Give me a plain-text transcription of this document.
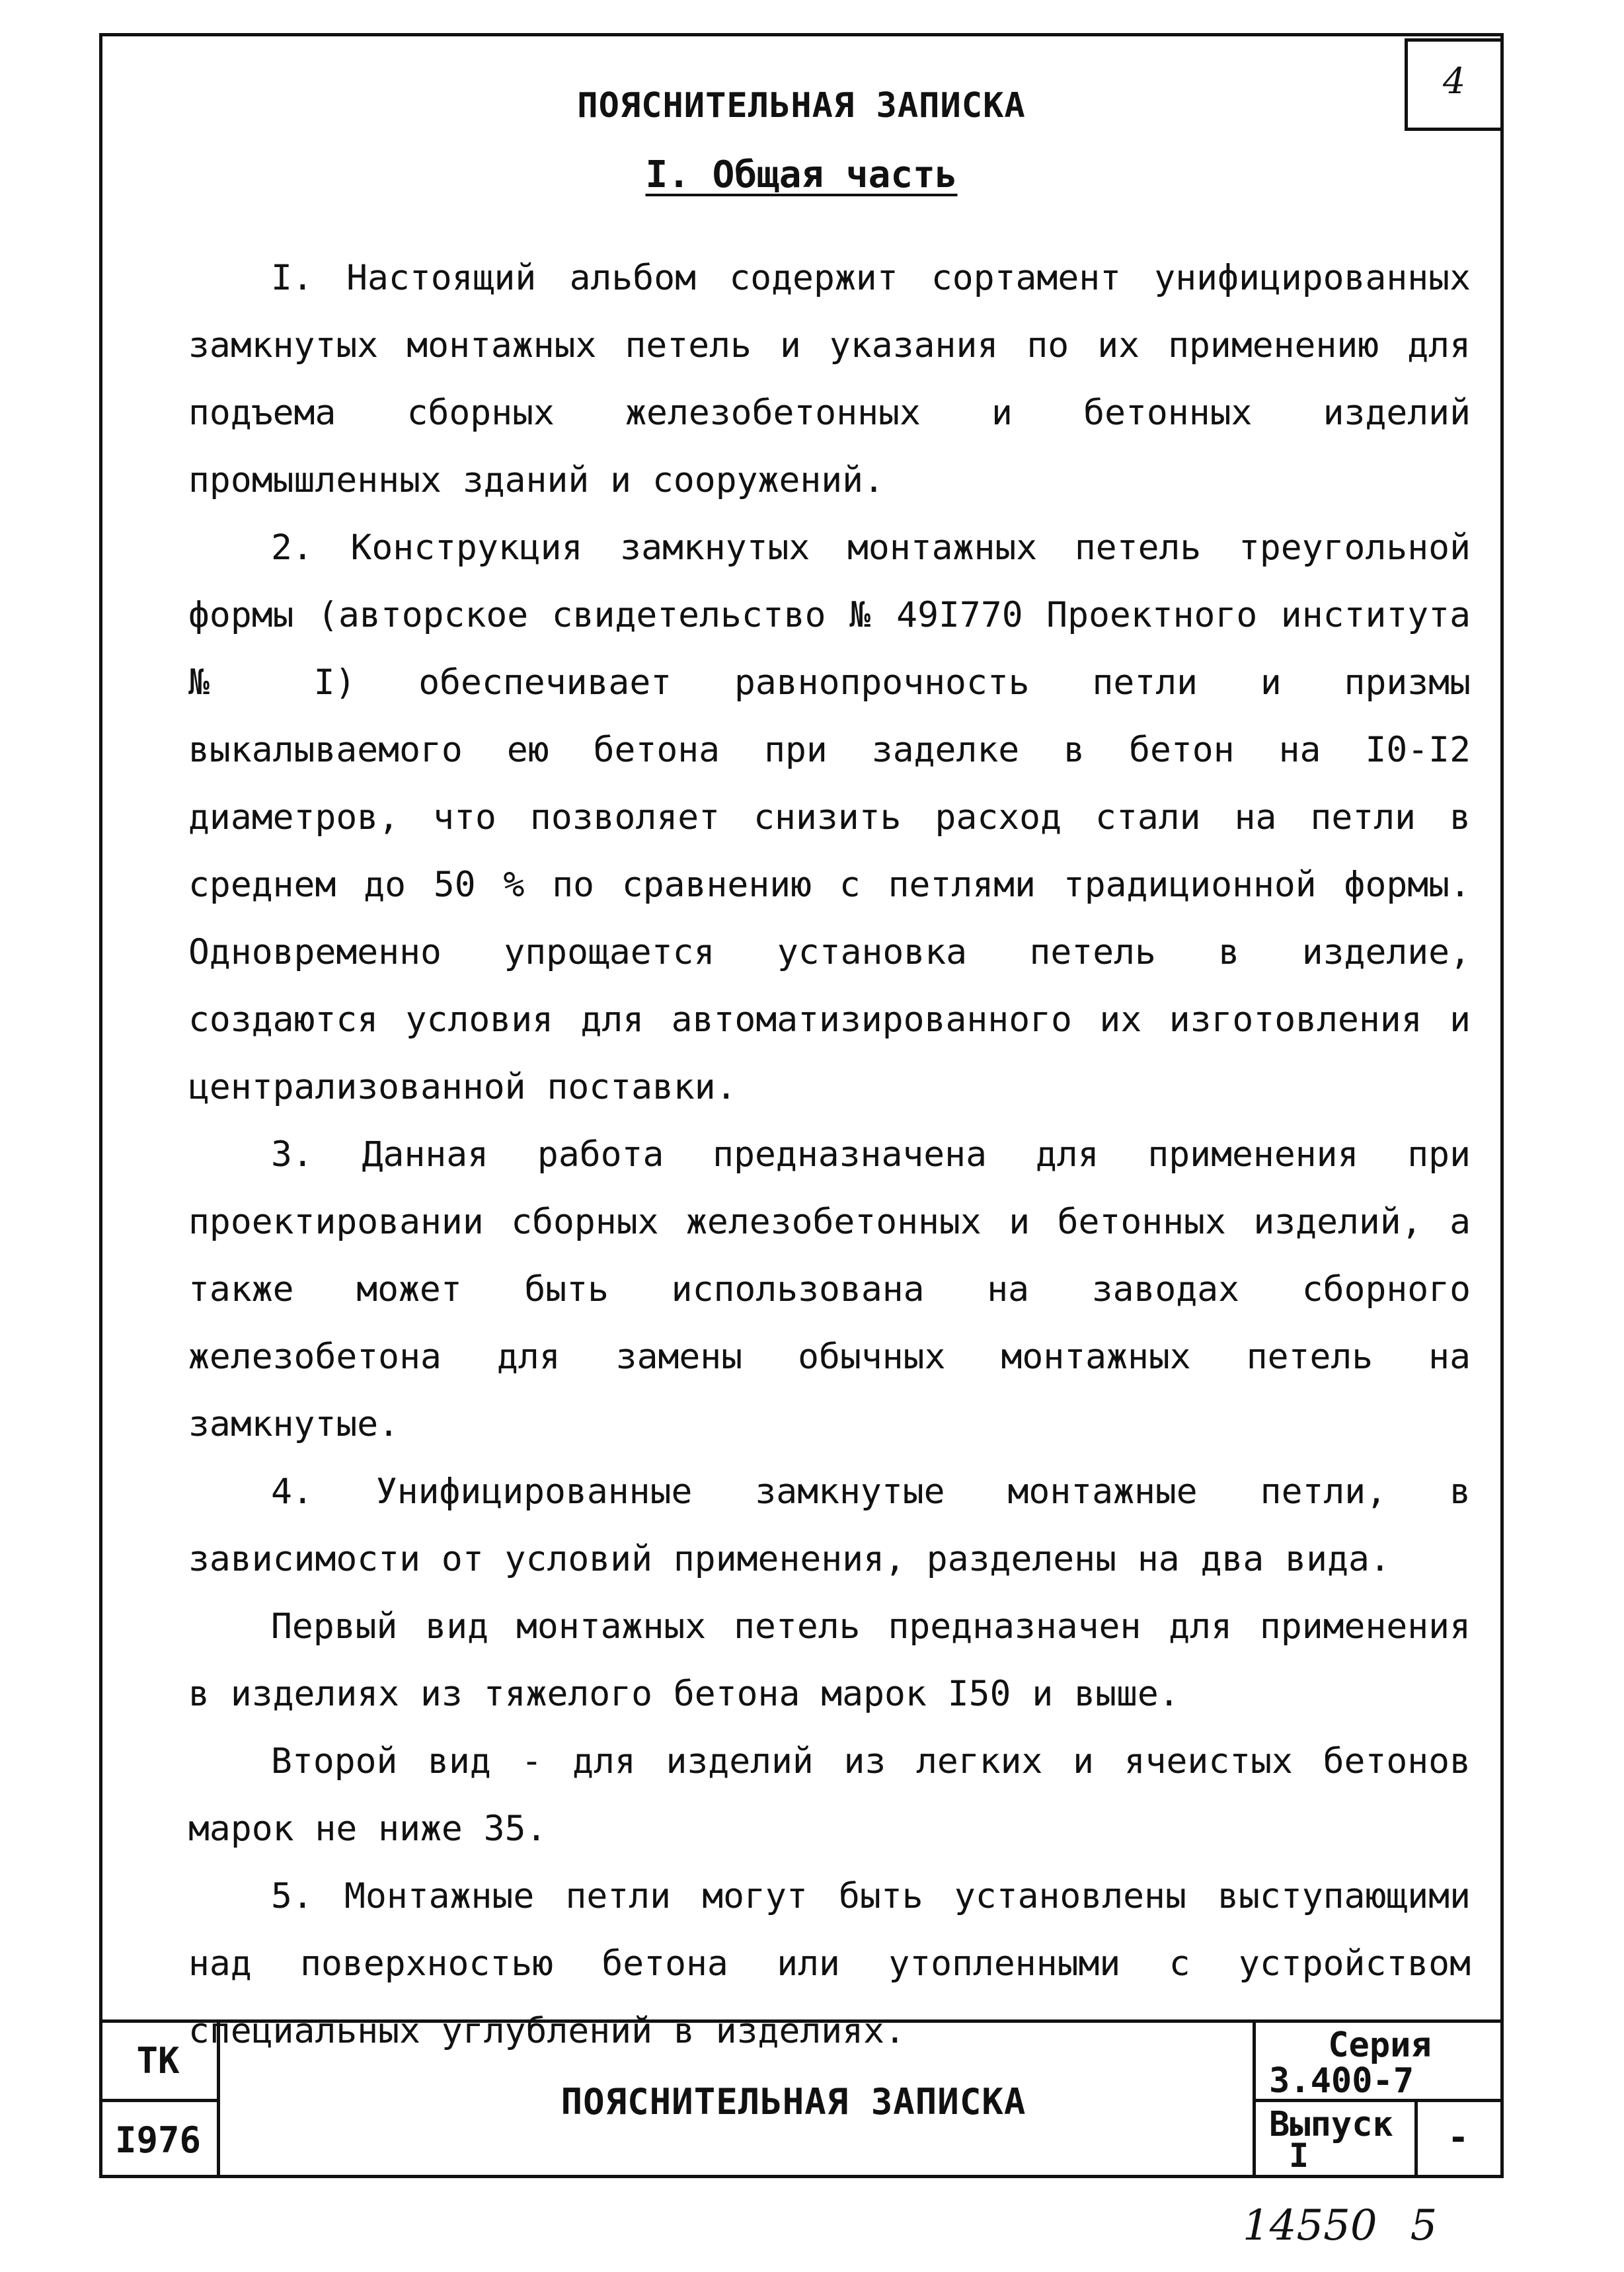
4
ПОЯСНИТЕЛЬНАЯ ЗАПИСКА
I. Общая часть

I. Настоящий альбом содержит сортамент унифицированных замкнутых монтажных петель и указания по их применению для подъема сборных железобетонных и бетонных изделий промышленных зданий и сооружений.

2. Конструкция замкнутых монтажных петель треугольной формы (авторское свидетельство № 49I770 Проектного института № I) обеспечивает равнопрочность петли и призмы выкалываемого ею бетона при заделке в бетон на I0-I2 диаметров, что позволяет снизить расход стали на петли в среднем до 50 % по сравнению с петлями традиционной формы. Одновременно упрощается установка петель в изделие, создаются условия для автоматизированного их изготовления и централизованной поставки.

3. Данная работа предназначена для применения при проектировании сборных железобетонных и бетонных изделий, а также может быть использована на заводах сборного железобетона для замены обычных монтажных петель на замкнутые.

4. Унифицированные замкнутые монтажные петли, в зависимости от условий применения, разделены на два вида.

Первый вид монтажных петель предназначен для применения в изделиях из тяжелого бетона марок I50 и выше.

Второй вид - для изделий из легких и ячеистых бетонов марок не ниже 35.

5. Монтажные петли могут быть установлены выступающими над поверхностью бетона или утопленными с устройством специальных углублений в изделиях.

ТК
I976
ПОЯСНИТЕЛЬНАЯ ЗАПИСКА
Серия
3.400-7
Выпуск
I	-
14550 5
